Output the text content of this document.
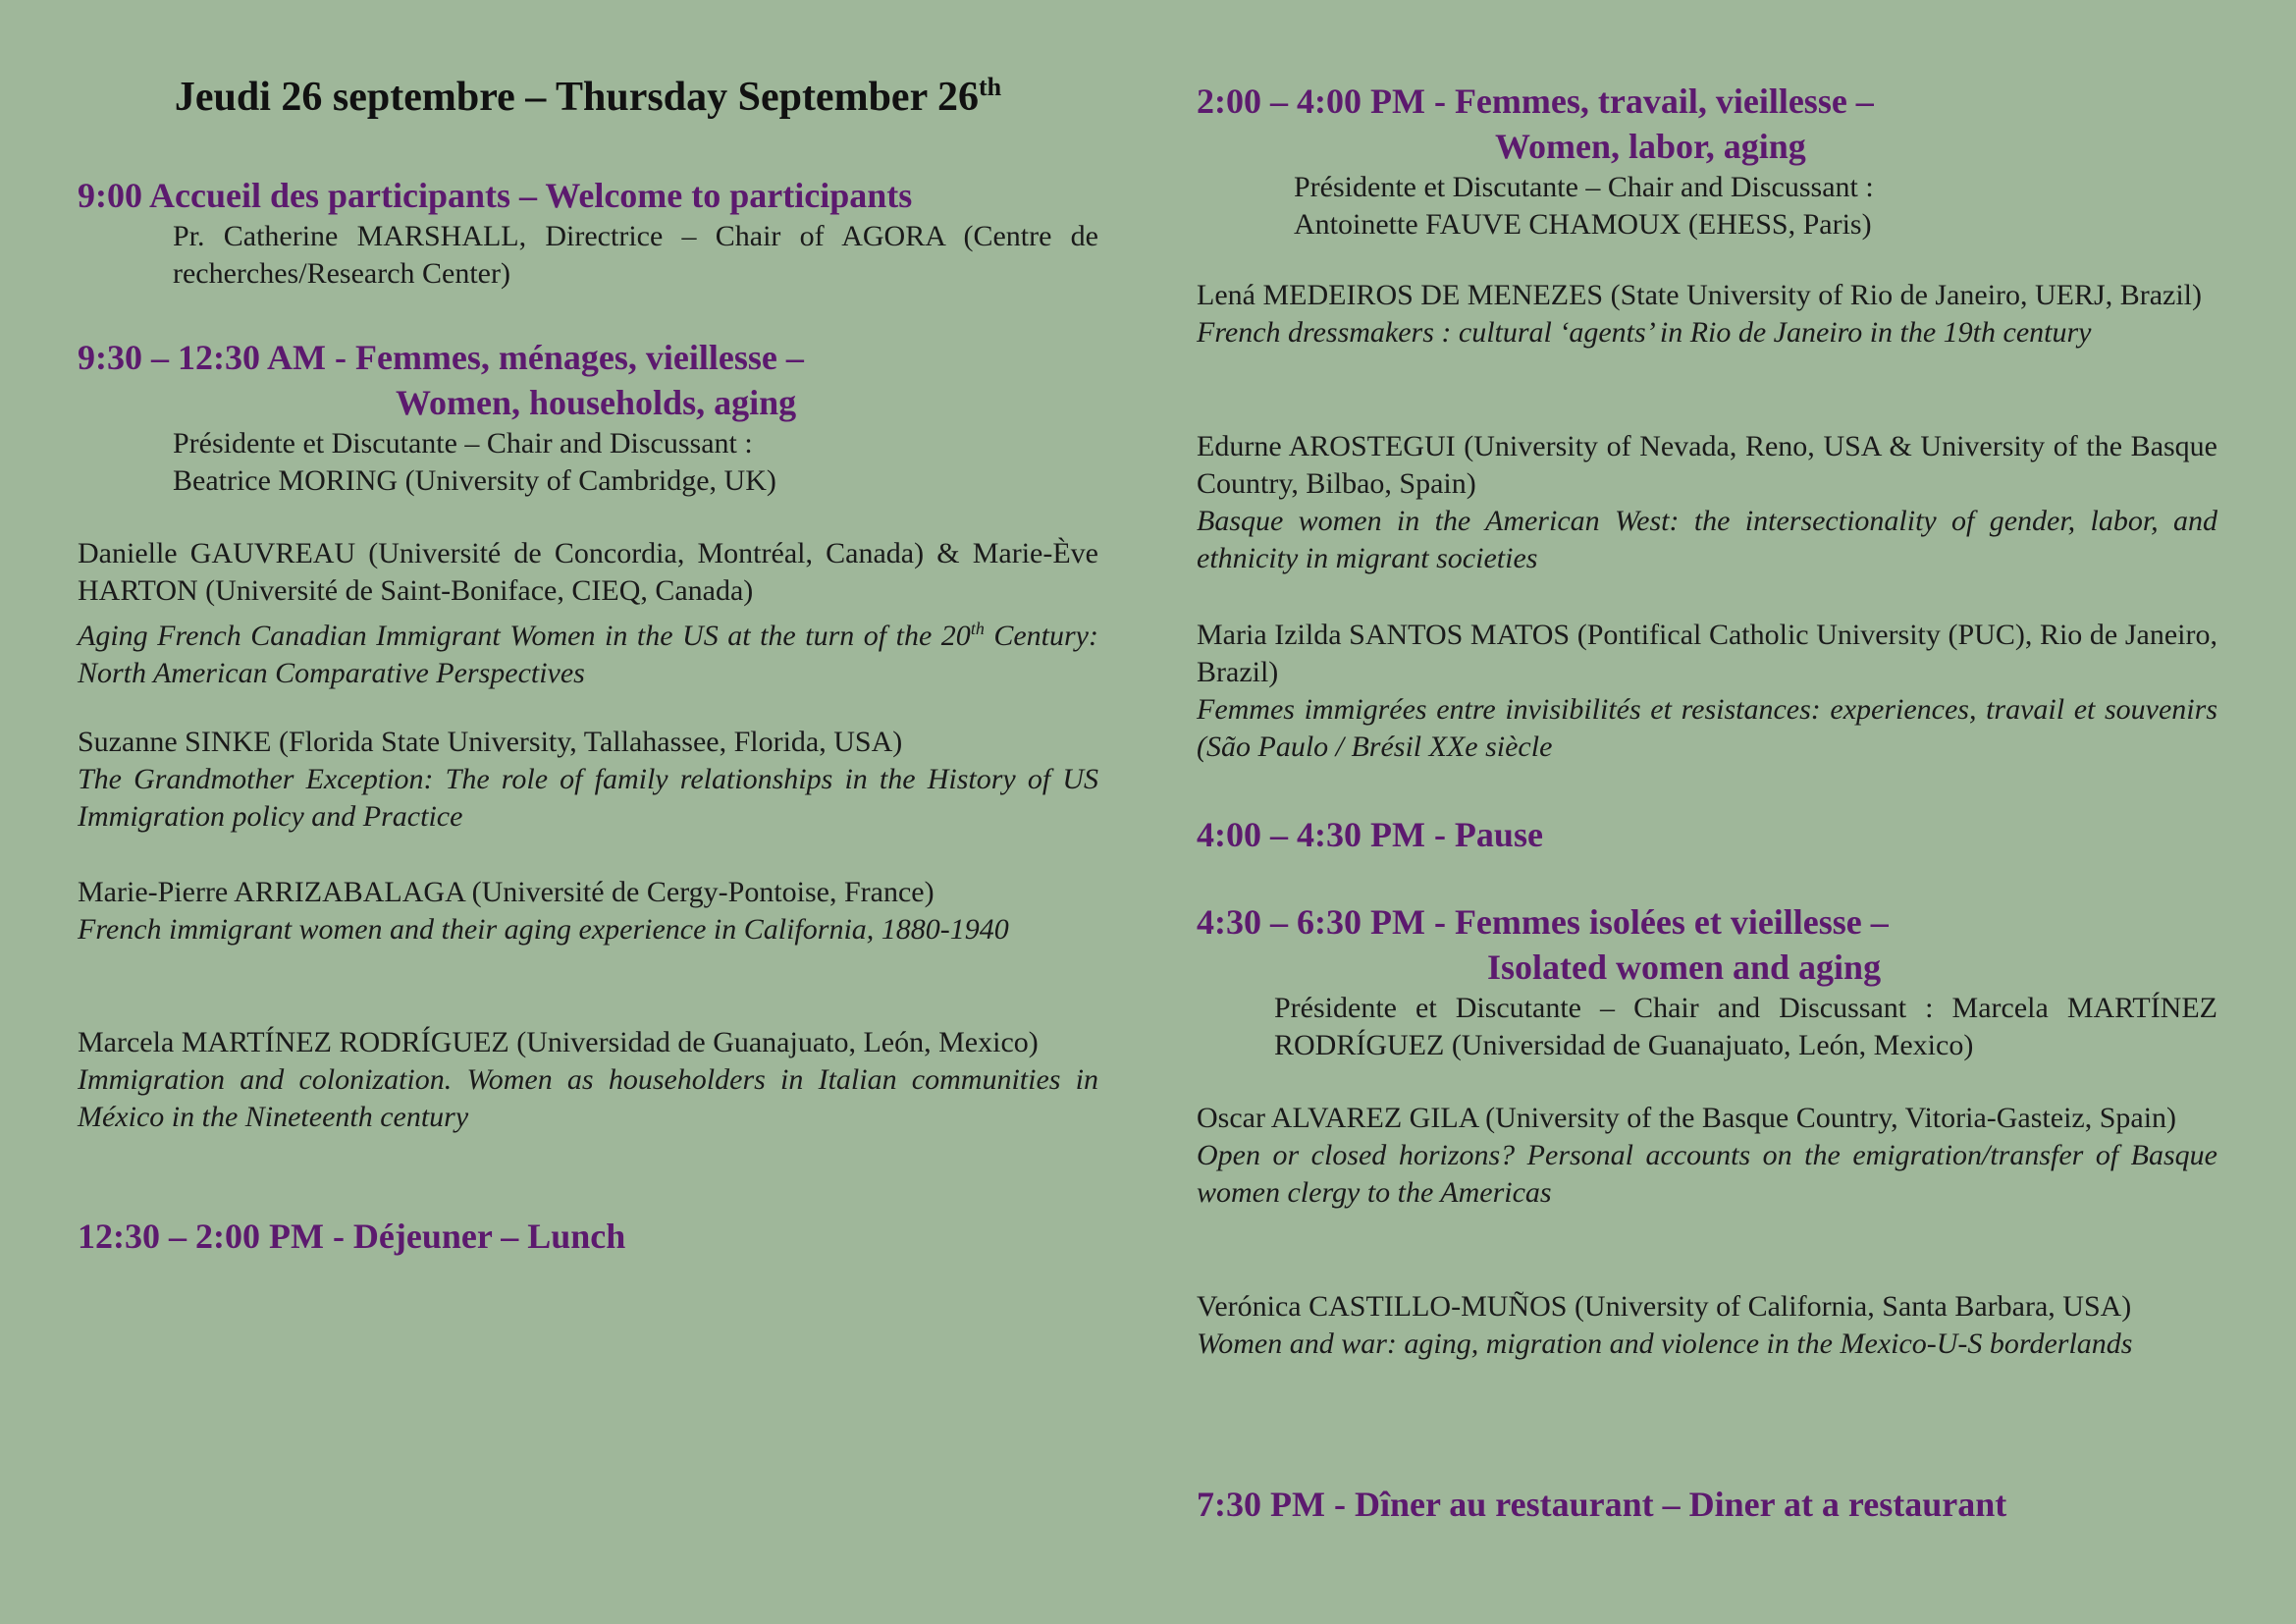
Jeudi 26 septembre – Thursday September 26th
9:00 Accueil des participants – Welcome to participants
Pr. Catherine MARSHALL, Directrice – Chair of AGORA (Centre de recherches/Research Center)
9:30 – 12:30 AM - Femmes, ménages, vieillesse –
Women, households, aging
Présidente et Discutante – Chair and Discussant :
Beatrice MORING (University of Cambridge, UK)
Danielle GAUVREAU (Université de Concordia, Montréal, Canada) & Marie-Ève HARTON (Université de Saint-Boniface, CIEQ, Canada)
Aging French Canadian Immigrant Women in the US at the turn of the 20th Century: North American Comparative Perspectives
Suzanne SINKE (Florida State University, Tallahassee, Florida, USA)
The Grandmother Exception: The role of family relationships in the History of US Immigration policy and Practice
Marie-Pierre ARRIZABALAGA (Université de Cergy-Pontoise, France)
French immigrant women and their aging experience in California, 1880-1940
Marcela MARTÍNEZ RODRÍGUEZ (Universidad de Guanajuato, León, Mexico)
Immigration and colonization. Women as householders in Italian communities in México in the Nineteenth century
12:30 – 2:00 PM - Déjeuner – Lunch
2:00 – 4:00 PM - Femmes, travail, vieillesse –
Women, labor, aging
Présidente et Discutante – Chair and Discussant :
Antoinette FAUVE CHAMOUX (EHESS, Paris)
Lená MEDEIROS DE MENEZES (State University of Rio de Janeiro, UERJ, Brazil)
French dressmakers : cultural ‘agents’ in Rio de Janeiro in the 19th century
Edurne AROSTEGUI (University of Nevada, Reno, USA & University of the Basque Country, Bilbao, Spain)
Basque women in the American West: the intersectionality of gender, labor, and ethnicity in migrant societies
Maria Izilda SANTOS MATOS (Pontifical Catholic University (PUC), Rio de Janeiro, Brazil)
Femmes immigrées entre invisibilités et resistances: experiences, travail et souvenirs (São Paulo / Brésil XXe siècle
4:00 – 4:30 PM - Pause
4:30 – 6:30 PM - Femmes isolées et vieillesse –
Isolated women and aging
Présidente et Discutante – Chair and Discussant : Marcela MARTÍNEZ RODRÍGUEZ (Universidad de Guanajuato, León, Mexico)
Oscar ALVAREZ GILA (University of the Basque Country, Vitoria-Gasteiz, Spain)
Open or closed horizons? Personal accounts on the emigration/transfer of Basque women clergy to the Americas
Verónica CASTILLO-MUÑOS (University of California, Santa Barbara, USA)
Women and war: aging, migration and violence in the Mexico-U-S borderlands
7:30 PM - Dîner au restaurant – Diner at a restaurant
